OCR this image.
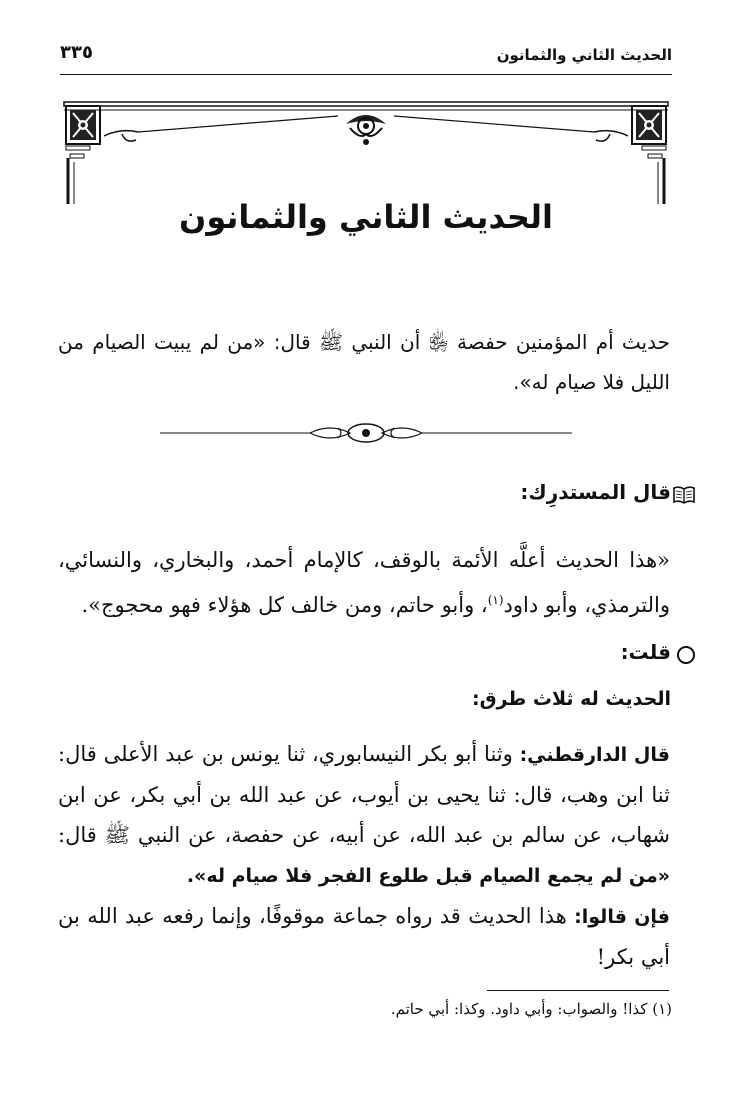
الحديث الثاني والثمانون
٣٣٥
الحديث الثاني والثمانون
حديث أم المؤمنين حفصة ﵂ أن النبي ﷺ قال: «من لم يبيت الصيام من الليل فلا صيام له».
قال المستدرِك:
«هذا الحديث أعلَّه الأئمة بالوقف، كالإمام أحمد، والبخاري، والنسائي، والترمذي، وأبو داود$^{(١)}$، وأبو حاتم، ومن خالف كل هؤلاء فهو محجوج».
قلت:
الحديث له ثلاث طرق:
قال الدارقطني: وثنا أبو بكر النيسابوري، ثنا يونس بن عبد الأعلى قال: ثنا ابن وهب، قال: ثنا يحيى بن أيوب، عن عبد الله بن أبي بكر، عن ابن شهاب، عن سالم بن عبد الله، عن أبيه، عن حفصة، عن النبي ﷺ قال: «من لم يجمع الصيام قبل طلوع الفجر فلا صيام له».
فإن قالوا: هذا الحديث قد رواه جماعة موقوفًا، وإنما رفعه عبد الله بن أبي بكر!
(١) كذا! والصواب: وأبي داود. وكذا: أبي حاتم.
